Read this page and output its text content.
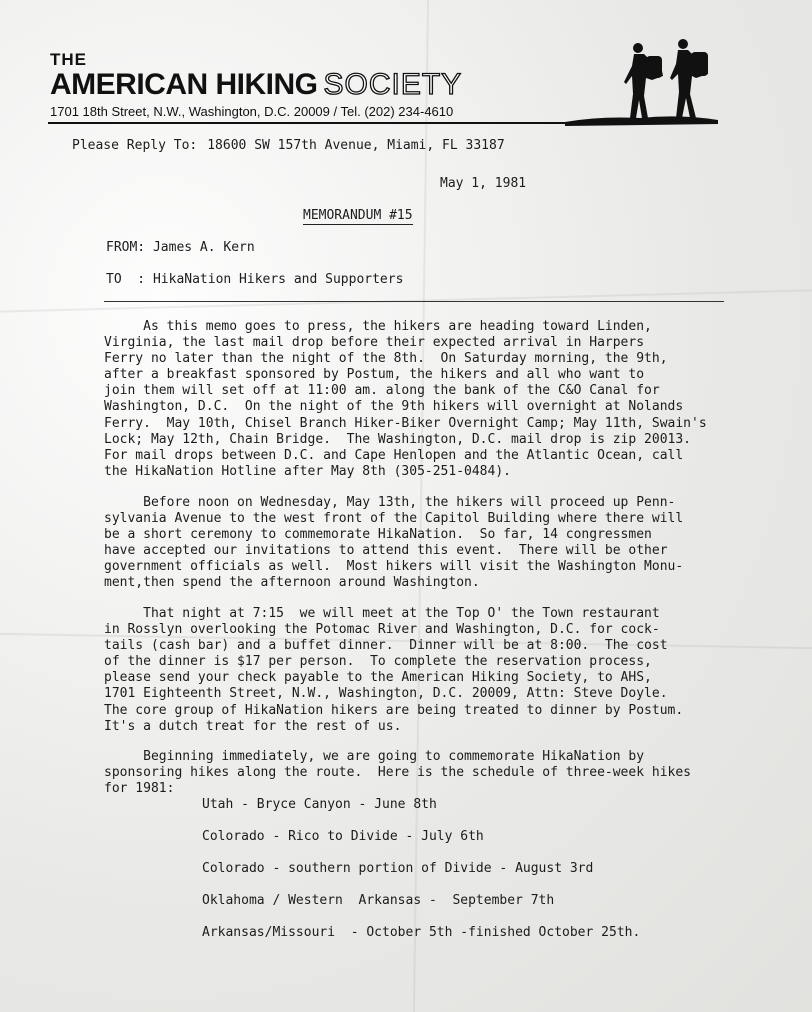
THE
AMERICAN HIKING SOCIETY
1701 18th Street, N.W., Washington, D.C. 20009 / Tel. (202) 234-4610
Please Reply To: 18600 SW 157th Avenue, Miami, FL 33187
May 1, 1981
MEMORANDUM #15
FROM: James A. Kern
TO  : HikaNation Hikers and Supporters
As this memo goes to press, the hikers are heading toward Linden,
Virginia, the last mail drop before their expected arrival in Harpers
Ferry no later than the night of the 8th.  On Saturday morning, the 9th,
after a breakfast sponsored by Postum, the hikers and all who want to
join them will set off at 11:00 am. along the bank of the C&O Canal for
Washington, D.C.  On the night of the 9th hikers will overnight at Nolands
Ferry.  May 10th, Chisel Branch Hiker-Biker Overnight Camp; May 11th, Swain's
Lock; May 12th, Chain Bridge.  The Washington, D.C. mail drop is zip 20013.
For mail drops between D.C. and Cape Henlopen and the Atlantic Ocean, call
the HikaNation Hotline after May 8th (305-251-0484).
Before noon on Wednesday, May 13th, the hikers will proceed up Penn-
sylvania Avenue to the west front of the Capitol Building where there will
be a short ceremony to commemorate HikaNation.  So far, 14 congressmen
have accepted our invitations to attend this event.  There will be other
government officials as well.  Most hikers will visit the Washington Monu-
ment,then spend the afternoon around Washington.
That night at 7:15  we will meet at the Top O' the Town restaurant
in Rosslyn overlooking the Potomac River and Washington, D.C. for cock-
tails (cash bar) and a buffet dinner.  Dinner will be at 8:00.  The cost
of the dinner is $17 per person.  To complete the reservation process,
please send your check payable to the American Hiking Society, to AHS,
1701 Eighteenth Street, N.W., Washington, D.C. 20009, Attn: Steve Doyle.
The core group of HikaNation hikers are being treated to dinner by Postum.
It's a dutch treat for the rest of us.
Beginning immediately, we are going to commemorate HikaNation by
sponsoring hikes along the route.  Here is the schedule of three-week hikes
for 1981:
Utah - Bryce Canyon - June 8th
Colorado - Rico to Divide - July 6th
Colorado - southern portion of Divide - August 3rd
Oklahoma / Western  Arkansas -  September 7th
Arkansas/Missouri  - October 5th -finished October 25th.
